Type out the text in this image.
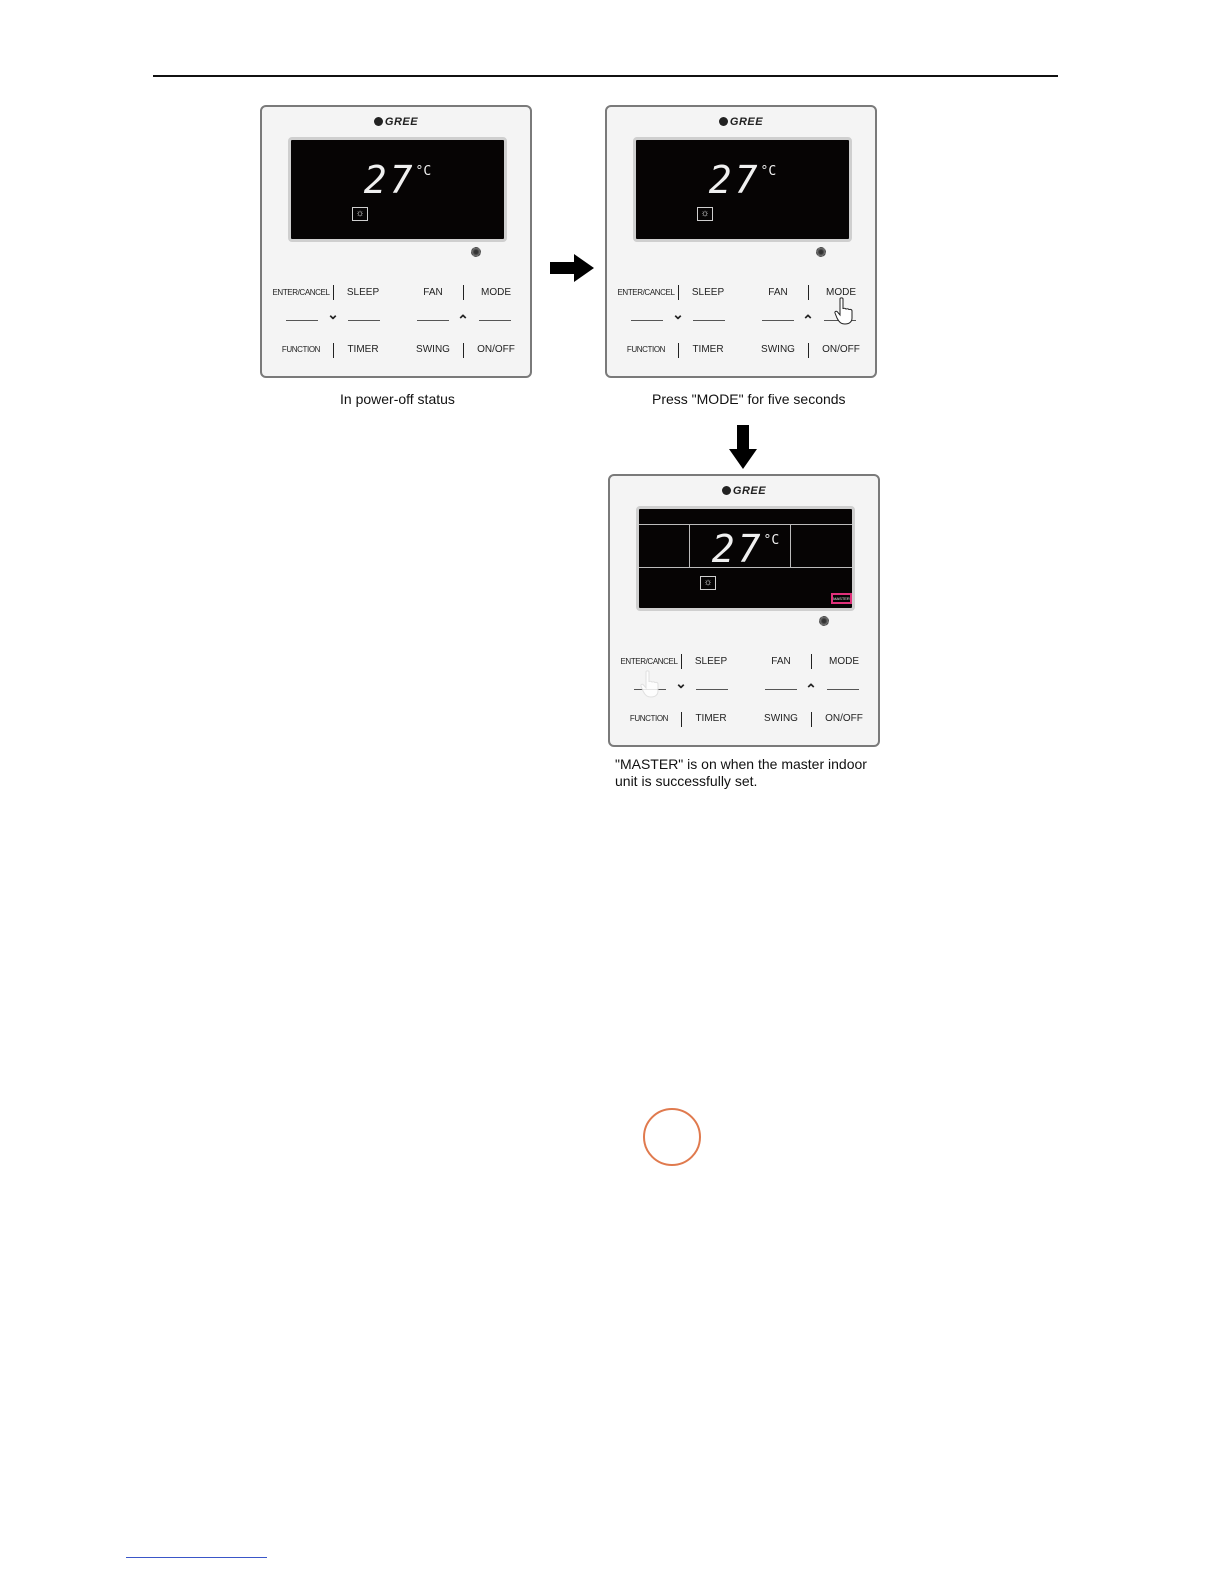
GREE
$27^{^\circ C}$
☼
ENTER/CANCEL SLEEP	FAN	MODE
⌄	⌃
FUNCTION	TIMER	SWING	ON/OFF
In power-off status
GREE
$27^{^\circ C}$
☼
ENTER/CANCEL SLEEP	FAN	MODE
⌄	⌃
FUNCTION	TIMER	SWING	ON/OFF
Press "MODE" for five seconds
GREE
$27^{^\circ C}$
☼
MASTER
ENTER/CANCEL SLEEP	FAN	MODE
⌄	⌃
FUNCTION	TIMER	SWING	ON/OFF
"MASTER" is on when the master indoor
unit is successfully set.
